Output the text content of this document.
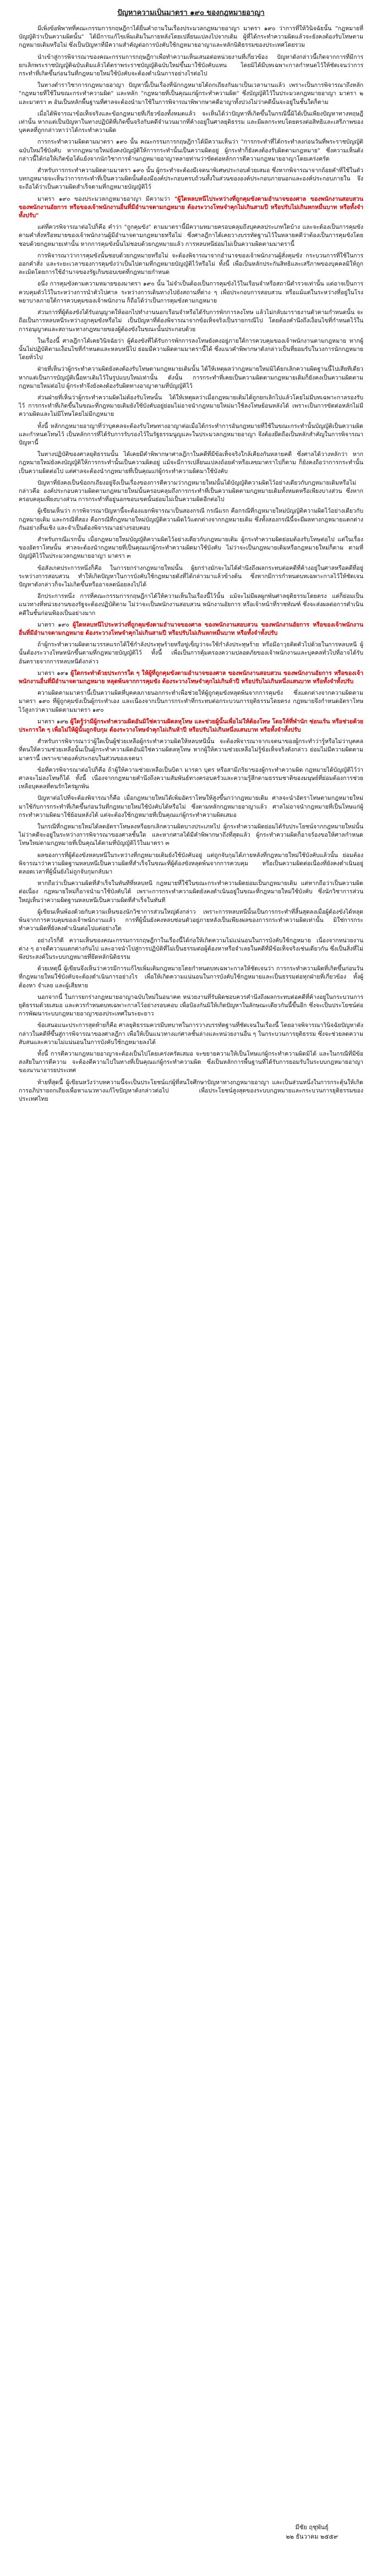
ปัญหาความเป็นมาตรา ๑๙๐ ของกฎหมายอาญา

มีเพิ่งข้อพิพาทที่คณะกรรมการกฤษฎีกาได้ยื่นคำถามในเรื่องประมวลกฎหมายอาญา มาตรา ๑๙๐ ว่าการที่ให้วินิจฉัยนั้น "กฎหมายที่บัญญัติว่าเป็นความผิดนั้น" ได้มีการแก้ไขเพิ่มเติมในภายหลังโดยเปลี่ยนแปลงไปจากเดิม ผู้ที่ได้กระทำความผิดแล้วจะยังคงต้องรับโทษตามกฎหมายเดิมหรือไม่ ซึ่งเป็นปัญหาที่มีความสำคัญต่อการบังคับใช้กฎหมายอาญาและหลักนิติธรรมของประเทศโดยรวม

นำเข้าสู่การพิจารณาของคณะกรรมการกฤษฎีกาเพื่อทำความเห็นเสนอต่อหน่วยงานที่เกี่ยวข้อง ปัญหาดังกล่าวนี้เกิดจากการที่มีการยกเลิกพระราชบัญญัติฉบับเดิมแล้วได้ตราพระราชบัญญัติฉบับใหม่ขึ้นมาใช้บังคับแทน โดยมิได้มีบทเฉพาะกาลกำหนดไว้ให้ชัดเจนว่าการกระทำที่เกิดขึ้นก่อนวันที่กฎหมายใหม่ใช้บังคับจะต้องดำเนินการอย่างไรต่อไป

ในทางตำราวิชาการกฎหมายอาญา ปัญหานี้เป็นเรื่องที่นักกฎหมายได้ถกเถียงกันมาเป็นเวลานานแล้ว เพราะเป็นการพิจารณาถึงหลัก "กฎหมายที่ใช้ในขณะกระทำความผิด" และหลัก "กฎหมายที่เป็นคุณแก่ผู้กระทำความผิด" ซึ่งบัญญัติไว้ในประมวลกฎหมายอาญา มาตรา ๒ และมาตรา ๓ อันเป็นหลักพื้นฐานที่ศาลจะต้องนำมาใช้ในการพิจารณาพิพากษาคดีอาญาทั้งปวงไม่ว่าคดีนั้นจะอยู่ในชั้นใดก็ตาม

เมื่อได้พิจารณาข้อเท็จจริงและข้อกฎหมายที่เกี่ยวข้องทั้งหมดแล้ว จะเห็นได้ว่าปัญหาที่เกิดขึ้นในกรณีนี้มิได้เป็นเพียงปัญหาทางทฤษฎีเท่านั้น หากแต่เป็นปัญหาในทางปฏิบัติที่เกิดขึ้นจริงกับคดีจำนวนมากที่ค้างอยู่ในศาลยุติธรรม และมีผลกระทบโดยตรงต่อสิทธิและเสรีภาพของบุคคลที่ถูกกล่าวหาว่าได้กระทำความผิด

การกระทำความผิดตามมาตรา ๑๙๐ นั้น คณะกรรมการกฤษฎีกาได้มีความเห็นว่า "การกระทำที่ได้กระทำลงก่อนวันที่พระราชบัญญัติฉบับใหม่ใช้บังคับ หากกฎหมายใหม่ยังคงบัญญัติให้การกระทำนั้นเป็นความผิดอยู่ ผู้กระทำก็ยังคงต้องรับผิดตามกฎหมาย" ซึ่งความเห็นดังกล่าวนี้ได้ก่อให้เกิดข้อโต้แย้งจากนักวิชาการด้านกฎหมายอาญาหลายท่านว่าขัดต่อหลักการตีความกฎหมายอาญาโดยเคร่งครัด

สำหรับการกระทำความผิดตามมาตรา ๑๙๐ นั้น ผู้กระทำจะต้องมีเจตนาพิเศษประกอบด้วยเสมอ ซึ่งหากพิจารณาจากถ้อยคำที่ใช้ในตัวบทกฎหมายจะเห็นว่าการกระทำที่เป็นความผิดนั้นต้องมีองค์ประกอบครบถ้วนทั้งในส่วนขององค์ประกอบภายนอกและองค์ประกอบภายใน จึงจะถือได้ว่าเป็นความผิดสำเร็จตามที่กฎหมายบัญญัติไว้

มาตรา ๑๙๐ ของประมวลกฎหมายอาญา มีความว่า "ผู้ใดหลบหนีไประหว่างที่ถูกคุมขังตามอำนาจของศาล ของพนักงานสอบสวน ของพนักงานอัยการ หรือของเจ้าพนักงานอื่นที่มีอำนาจตามกฎหมาย ต้องระวางโทษจำคุกไม่เกินสามปี หรือปรับไม่เกินหกหมื่นบาท หรือทั้งจำทั้งปรับ"

แต่ที่ควรพิจารณาต่อไปก็คือ คำว่า "ถูกคุมขัง" ตามมาตรานี้มีความหมายครอบคลุมถึงบุคคลประเภทใดบ้าง และจะต้องเป็นการคุมขังตามคำสั่งหรือหมายของเจ้าพนักงานผู้มีอำนาจตามกฎหมายหรือไม่ ซึ่งศาลฎีกาได้เคยวางบรรทัดฐานไว้ในหลายคดีว่าต้องเป็นการคุมขังโดยชอบด้วยกฎหมายเท่านั้น หากการคุมขังนั้นไม่ชอบด้วยกฎหมายแล้ว การหลบหนีย่อมไม่เป็นความผิดตามมาตรานี้

การพิจารณาว่าการคุมขังนั้นชอบด้วยกฎหมายหรือไม่ จะต้องพิจารณาจากอำนาจของเจ้าพนักงานผู้สั่งคุมขัง กระบวนการที่ใช้ในการออกคำสั่ง และระยะเวลาของการคุมขังว่าเป็นไปตามที่กฎหมายบัญญัติไว้หรือไม่ ทั้งนี้ เพื่อเป็นหลักประกันสิทธิและเสรีภาพของบุคคลมิให้ถูกละเมิดโดยการใช้อำนาจของรัฐเกินขอบเขตที่กฎหมายกำหนด

อนึ่ง การคุมขังตามความหมายของมาตรา ๑๙๐ นั้น ไม่จำเป็นต้องเป็นการคุมขังไว้ในเรือนจำหรือสถานีตำรวจเท่านั้น แต่อาจเป็นการควบคุมตัวไว้ในระหว่างการนำตัวไปศาล ระหว่างการเดินทางไปยังสถานที่ต่าง ๆ เพื่อประกอบการสอบสวน หรือแม้แต่ในระหว่างที่อยู่ในโรงพยาบาลภายใต้การควบคุมของเจ้าพนักงาน ก็ถือได้ว่าเป็นการคุมขังตามกฎหมาย

ส่วนการที่ผู้ต้องขังได้รับอนุญาตให้ออกไปทำงานนอกเรือนจำหรือได้รับการพักการลงโทษ แล้วไม่กลับมารายงานตัวตามกำหนดนั้น จะถือเป็นการหลบหนีระหว่างถูกคุมขังหรือไม่ เป็นปัญหาที่ต้องพิจารณาจากข้อเท็จจริงเป็นรายกรณีไป โดยต้องคำนึงถึงเงื่อนไขที่กำหนดไว้ในการอนุญาตและสถานะทางกฎหมายของผู้ต้องขังในขณะนั้นประกอบด้วย

ในเรื่องนี้ ศาลฎีกาได้เคยวินิจฉัยว่า ผู้ต้องขังที่ได้รับการพักการลงโทษยังคงอยู่ภายใต้การควบคุมของเจ้าพนักงานตามกฎหมาย หากผู้นั้นไม่ปฏิบัติตามเงื่อนไขที่กำหนดและหลบหนีไป ย่อมมีความผิดตามมาตรานี้ได้ ซึ่งแนวคำพิพากษาดังกล่าวเป็นที่ยอมรับในวงการนักกฎหมายโดยทั่วไป

ฝ่ายที่เห็นว่าผู้กระทำความผิดยังคงต้องรับโทษตามกฎหมายเดิมนั้น ได้ให้เหตุผลว่ากฎหมายใหม่มิได้ยกเลิกความผิดฐานนี้ไปเสียทีเดียว หากแต่เป็นการบัญญัติเนื้อหาเดิมไว้ในรูปแบบใหม่เท่านั้น ดังนั้น การกระทำที่เคยเป็นความผิดตามกฎหมายเดิมก็ยังคงเป็นความผิดตามกฎหมายใหม่ต่อไป ผู้กระทำจึงยังคงต้องรับผิดทางอาญาตามที่บัญญัติไว้

ส่วนฝ่ายที่เห็นว่าผู้กระทำความผิดไม่ต้องรับโทษนั้น ได้ให้เหตุผลว่าเมื่อกฎหมายเดิมได้ถูกยกเลิกไปแล้วโดยไม่มีบทเฉพาะกาลรองรับไว้ การกระทำที่เกิดขึ้นในขณะที่กฎหมายเดิมยังใช้บังคับอยู่ย่อมไม่อาจนำกฎหมายใหม่มาใช้ลงโทษย้อนหลังได้ เพราะเป็นการขัดต่อหลักไม่มีความผิดและไม่มีโทษโดยไม่มีกฎหมาย

ทั้งนี้ หลักกฎหมายอาญาที่ว่าบุคคลจะต้องรับโทษทางอาญาต่อเมื่อได้กระทำการอันกฎหมายที่ใช้ในขณะกระทำนั้นบัญญัติเป็นความผิดและกำหนดโทษไว้ เป็นหลักการที่ได้รับการรับรองไว้ในรัฐธรรมนูญและในประมวลกฎหมายอาญา จึงต้องยึดถือเป็นหลักสำคัญในการพิจารณาปัญหานี้

ในทางปฏิบัติของศาลยุติธรรมนั้น ได้เคยมีคำพิพากษาศาลฎีกาในคดีที่มีข้อเท็จจริงใกล้เคียงกันหลายคดี ซึ่งศาลได้วางหลักว่า หากกฎหมายใหม่ยังคงบัญญัติให้การกระทำนั้นเป็นความผิดอยู่ แม้จะมีการเปลี่ยนแปลงถ้อยคำหรือเลขมาตราไปก็ตาม ก็ยังคงถือว่าการกระทำนั้นเป็นความผิดต่อไป แต่ศาลจะต้องนำกฎหมายที่เป็นคุณแก่ผู้กระทำความผิดมาใช้บังคับ

ปัญหาที่ยังคงเป็นข้อถกเถียงอยู่จึงเป็นเรื่องของการตีความว่ากฎหมายใหม่นั้นได้บัญญัติความผิดไว้อย่างเดียวกับกฎหมายเดิมหรือไม่ กล่าวคือ องค์ประกอบความผิดตามกฎหมายใหม่นั้นครอบคลุมถึงการกระทำที่เป็นความผิดตามกฎหมายเดิมทั้งหมดหรือเพียงบางส่วน ซึ่งหากครอบคลุมเพียงบางส่วน การกระทำที่อยู่นอกขอบเขตนั้นย่อมไม่เป็นความผิดอีกต่อไป

ผู้เขียนเห็นว่า การพิจารณาปัญหานี้จะต้องแยกพิจารณาเป็นสองกรณี กรณีแรก คือกรณีที่กฎหมายใหม่บัญญัติความผิดไว้อย่างเดียวกับกฎหมายเดิม และกรณีที่สอง คือกรณีที่กฎหมายใหม่บัญญัติความผิดไว้แตกต่างจากกฎหมายเดิม ซึ่งทั้งสองกรณีนี้จะมีผลทางกฎหมายแตกต่างกันอย่างสิ้นเชิง และจำเป็นต้องพิจารณาอย่างรอบคอบ

สำหรับกรณีแรกนั้น เมื่อกฎหมายใหม่บัญญัติความผิดไว้อย่างเดียวกับกฎหมายเดิม ผู้กระทำความผิดย่อมต้องรับโทษต่อไป แต่ในเรื่องของอัตราโทษนั้น ศาลจะต้องนำกฎหมายที่เป็นคุณแก่ผู้กระทำความผิดมาใช้บังคับ ไม่ว่าจะเป็นกฎหมายเดิมหรือกฎหมายใหม่ก็ตาม ตามที่บัญญัติไว้ในประมวลกฎหมายอาญา มาตรา ๓

ข้อสังเกตประการหนึ่งก็คือ ในการยกร่างกฎหมายใหม่นั้น ผู้ยกร่างมักจะไม่ได้คำนึงถึงผลกระทบต่อคดีที่ค้างอยู่ในศาลหรือคดีที่อยู่ระหว่างการสอบสวน ทำให้เกิดปัญหาในการบังคับใช้กฎหมายดังที่ได้กล่าวมาแล้วข้างต้น ซึ่งหากมีการกำหนดบทเฉพาะกาลไว้ให้ชัดเจน ปัญหาดังกล่าวก็จะไม่เกิดขึ้นหรืออาจลดน้อยลงไปได้

อีกประการหนึ่ง การที่คณะกรรมการกฤษฎีกาได้ให้ความเห็นในเรื่องนี้ไว้นั้น แม้จะไม่มีผลผูกพันศาลยุติธรรมโดยตรง แต่ก็ย่อมเป็นแนวทางที่หน่วยงานของรัฐจะต้องปฏิบัติตาม ไม่ว่าจะเป็นพนักงานสอบสวน พนักงานอัยการ หรือเจ้าหน้าที่ราชทัณฑ์ ซึ่งจะส่งผลต่อการดำเนินคดีในชั้นก่อนฟ้องเป็นอย่างมาก

มาตรา ๑๙๐ ผู้ใดหลบหนีไประหว่างที่ถูกคุมขังตามอำนาจของศาล ของพนักงานสอบสวน ของพนักงานอัยการ หรือของเจ้าพนักงานอื่นที่มีอำนาจตามกฎหมาย ต้องระวางโทษจำคุกไม่เกินสามปี หรือปรับไม่เกินหกหมื่นบาท หรือทั้งจำทั้งปรับ

ถ้าผู้กระทำความผิดตามวรรคแรกได้ใช้กำลังประทุษร้ายหรือขู่เข็ญว่าจะใช้กำลังประทุษร้าย หรือมีอาวุธติดตัวไปด้วยในการหลบหนี ผู้นั้นต้องระวางโทษหนักขึ้นตามที่กฎหมายบัญญัติไว้ ทั้งนี้ เพื่อเป็นการคุ้มครองความปลอดภัยของเจ้าพนักงานและบุคคลทั่วไปที่อาจได้รับอันตรายจากการหลบหนีดังกล่าว

มาตรา ๑๙๑ ผู้ใดกระทำด้วยประการใด ๆ ให้ผู้ที่ถูกคุมขังตามอำนาจของศาล ของพนักงานสอบสวน ของพนักงานอัยการ หรือของเจ้าพนักงานอื่นที่มีอำนาจตามกฎหมาย หลุดพ้นจากการคุมขัง ต้องระวางโทษจำคุกไม่เกินห้าปี หรือปรับไม่เกินหนึ่งแสนบาท หรือทั้งจำทั้งปรับ

ความผิดตามมาตรานี้เป็นความผิดที่บุคคลภายนอกกระทำเพื่อช่วยให้ผู้ถูกคุมขังหลุดพ้นจากการคุมขัง ซึ่งแตกต่างจากความผิดตามมาตรา ๑๙๐ ที่ผู้ถูกคุมขังเป็นผู้กระทำเอง และเนื่องจากเป็นการกระทำที่กระทบต่อกระบวนการยุติธรรมโดยตรง กฎหมายจึงกำหนดอัตราโทษไว้สูงกว่าความผิดตามมาตรา ๑๙๐

มาตรา ๑๙๒ ผู้ใดรู้ว่ามีผู้กระทำความผิดอันมิใช่ความผิดลหุโทษ และช่วยผู้นั้นเพื่อไม่ให้ต้องโทษ โดยให้ที่พำนัก ซ่อนเร้น หรือช่วยด้วยประการใด ๆ เพื่อไม่ให้ผู้นั้นถูกจับกุม ต้องระวางโทษจำคุกไม่เกินห้าปี หรือปรับไม่เกินหนึ่งแสนบาท หรือทั้งจำทั้งปรับ

สำหรับการพิจารณาว่าผู้ใดเป็นผู้ช่วยเหลือผู้กระทำความผิดให้หลบหนีนั้น จะต้องพิจารณาจากเจตนาของผู้กระทำว่ารู้หรือไม่ว่าบุคคลที่ตนให้ความช่วยเหลือนั้นเป็นผู้กระทำความผิดอันมิใช่ความผิดลหุโทษ หากผู้ให้ความช่วยเหลือไม่รู้ข้อเท็จจริงดังกล่าว ย่อมไม่มีความผิดตามมาตรานี้ เพราะขาดองค์ประกอบในส่วนของเจตนา

ข้อที่ควรพิจารณาต่อไปก็คือ ถ้าผู้ให้ความช่วยเหลือเป็นบิดา มารดา บุตร หรือสามีภริยาของผู้กระทำความผิด กฎหมายได้บัญญัติไว้ว่าศาลจะไม่ลงโทษก็ได้ ทั้งนี้ เนื่องจากกฎหมายคำนึงถึงความสัมพันธ์ทางครอบครัวและความรู้สึกตามธรรมชาติของมนุษย์ที่ย่อมต้องการช่วยเหลือบุคคลที่ตนรักใคร่ผูกพัน

ปัญหาต่อไปที่จะต้องพิจารณาก็คือ เมื่อกฎหมายใหม่ได้เพิ่มอัตราโทษให้สูงขึ้นกว่ากฎหมายเดิม ศาลจะนำอัตราโทษตามกฎหมายใหม่มาใช้กับการกระทำที่เกิดขึ้นก่อนวันที่กฎหมายใหม่ใช้บังคับได้หรือไม่ ซึ่งตามหลักกฎหมายอาญาแล้ว ศาลไม่อาจนำกฎหมายที่เป็นโทษแก่ผู้กระทำความผิดมาใช้ย้อนหลังได้ แต่จะต้องใช้กฎหมายที่เป็นคุณแก่ผู้กระทำความผิดเสมอ

ในกรณีที่กฎหมายใหม่ได้ลดอัตราโทษลงหรือยกเลิกความผิดบางประเภทไป ผู้กระทำความผิดย่อมได้รับประโยชน์จากกฎหมายใหม่นั้น ไม่ว่าคดีจะอยู่ในระหว่างการพิจารณาของศาลชั้นใด และหากศาลได้มีคำพิพากษาถึงที่สุดแล้ว ผู้กระทำความผิดก็อาจร้องขอให้ศาลกำหนดโทษใหม่ตามกฎหมายที่เป็นคุณได้ตามที่บัญญัติไว้ในมาตรา ๓

ผลของการที่ผู้ต้องขังหลบหนีในระหว่างที่กฎหมายเดิมยังใช้บังคับอยู่ แต่ถูกจับกุมได้ภายหลังที่กฎหมายใหม่ใช้บังคับแล้วนั้น ย่อมต้องพิจารณาว่าความผิดฐานหลบหนีเป็นความผิดที่สำเร็จในขณะที่ผู้ต้องขังหลุดพ้นจากการควบคุม หรือเป็นความผิดต่อเนื่องที่ยังคงดำเนินอยู่ตลอดเวลาที่ผู้นั้นยังไม่ถูกจับกุมกลับมา

หากถือว่าเป็นความผิดที่สำเร็จในทันทีที่หลบหนี กฎหมายที่ใช้ในขณะกระทำความผิดย่อมเป็นกฎหมายเดิม แต่หากถือว่าเป็นความผิดต่อเนื่อง กฎหมายใหม่ก็อาจนำมาใช้บังคับได้ เพราะการกระทำความผิดยังคงดำเนินอยู่ในขณะที่กฎหมายใหม่ใช้บังคับ ซึ่งนักวิชาการส่วนใหญ่เห็นว่าความผิดฐานหลบหนีเป็นความผิดที่สำเร็จในทันที

ผู้เขียนเห็นพ้องด้วยกับความเห็นของนักวิชาการส่วนใหญ่ดังกล่าว เพราะการหลบหนีนั้นเป็นการกระทำที่สิ้นสุดลงเมื่อผู้ต้องขังได้หลุดพ้นจากการควบคุมของเจ้าพนักงานแล้ว การที่ผู้นั้นยังคงหลบซ่อนตัวอยู่ภายหลังเป็นเพียงผลของการกระทำความผิดเท่านั้น มิใช่การกระทำความผิดที่ยังคงดำเนินต่อไปแต่อย่างใด

อย่างไรก็ดี ความเห็นของคณะกรรมการกฤษฎีกาในเรื่องนี้ได้ก่อให้เกิดความไม่แน่นอนในการบังคับใช้กฎหมาย เนื่องจากหน่วยงานต่าง ๆ อาจตีความแตกต่างกันไป และอาจนำไปสู่การปฏิบัติที่ไม่เป็นธรรมต่อผู้ต้องหาหรือจำเลยในคดีที่มีข้อเท็จจริงเช่นเดียวกัน ซึ่งเป็นสิ่งที่ไม่พึงประสงค์ในระบบกฎหมายที่ยึดหลักนิติธรรม

ด้วยเหตุนี้ ผู้เขียนจึงเห็นว่าควรมีการแก้ไขเพิ่มเติมกฎหมายโดยกำหนดบทเฉพาะกาลให้ชัดเจนว่า การกระทำความผิดที่เกิดขึ้นก่อนวันที่กฎหมายใหม่ใช้บังคับจะต้องดำเนินการอย่างไร เพื่อให้เกิดความแน่นอนในการบังคับใช้กฎหมายและเป็นธรรมต่อทุกฝ่ายที่เกี่ยวข้อง ทั้งผู้ต้องหา จำเลย และผู้เสียหาย

นอกจากนี้ ในการยกร่างกฎหมายอาญาฉบับใหม่ในอนาคต หน่วยงานที่รับผิดชอบควรคำนึงถึงผลกระทบต่อคดีที่ค้างอยู่ในกระบวนการยุติธรรมด้วยเสมอ และควรกำหนดบทเฉพาะกาลไว้อย่างรอบคอบ เพื่อป้องกันมิให้เกิดปัญหาในลักษณะเดียวกันนี้ขึ้นอีก ซึ่งจะเป็นประโยชน์ต่อการพัฒนาระบบกฎหมายอาญาของประเทศในระยะยาว

ข้อเสนอแนะประการสุดท้ายก็คือ ศาลยุติธรรมควรมีบทบาทในการวางบรรทัดฐานที่ชัดเจนในเรื่องนี้ โดยอาจพิจารณาวินิจฉัยปัญหาดังกล่าวในคดีที่ขึ้นสู่การพิจารณาของศาลฎีกา เพื่อให้เป็นแนวทางแก่ศาลชั้นล่างและหน่วยงานอื่น ๆ ในกระบวนการยุติธรรม ซึ่งจะช่วยลดความสับสนและความไม่แน่นอนในการบังคับใช้กฎหมายลงได้

ทั้งนี้ การตีความกฎหมายอาญาจะต้องเป็นไปโดยเคร่งครัดเสมอ จะขยายความให้เป็นโทษแก่ผู้กระทำความผิดมิได้ และในกรณีที่มีข้อสงสัยในการตีความ จะต้องตีความไปในทางที่เป็นคุณแก่ผู้กระทำความผิด ซึ่งเป็นหลักการพื้นฐานที่ได้รับการยอมรับในระบบกฎหมายอาญาของนานาอารยประเทศ

ท้ายที่สุดนี้ ผู้เขียนหวังว่าบทความนี้จะเป็นประโยชน์แก่ผู้ที่สนใจศึกษาปัญหาทางกฎหมายอาญา และเป็นส่วนหนึ่งในการกระตุ้นให้เกิดการอภิปรายถกเถียงเพื่อหาแนวทางแก้ไขปัญหาดังกล่าวต่อไป เพื่อประโยชน์สูงสุดของระบบกฎหมายและกระบวนการยุติธรรมของประเทศไทย

มีชัย ฤชุพันธุ์
๒๒ ธันวาคม ๒๕๕๙
